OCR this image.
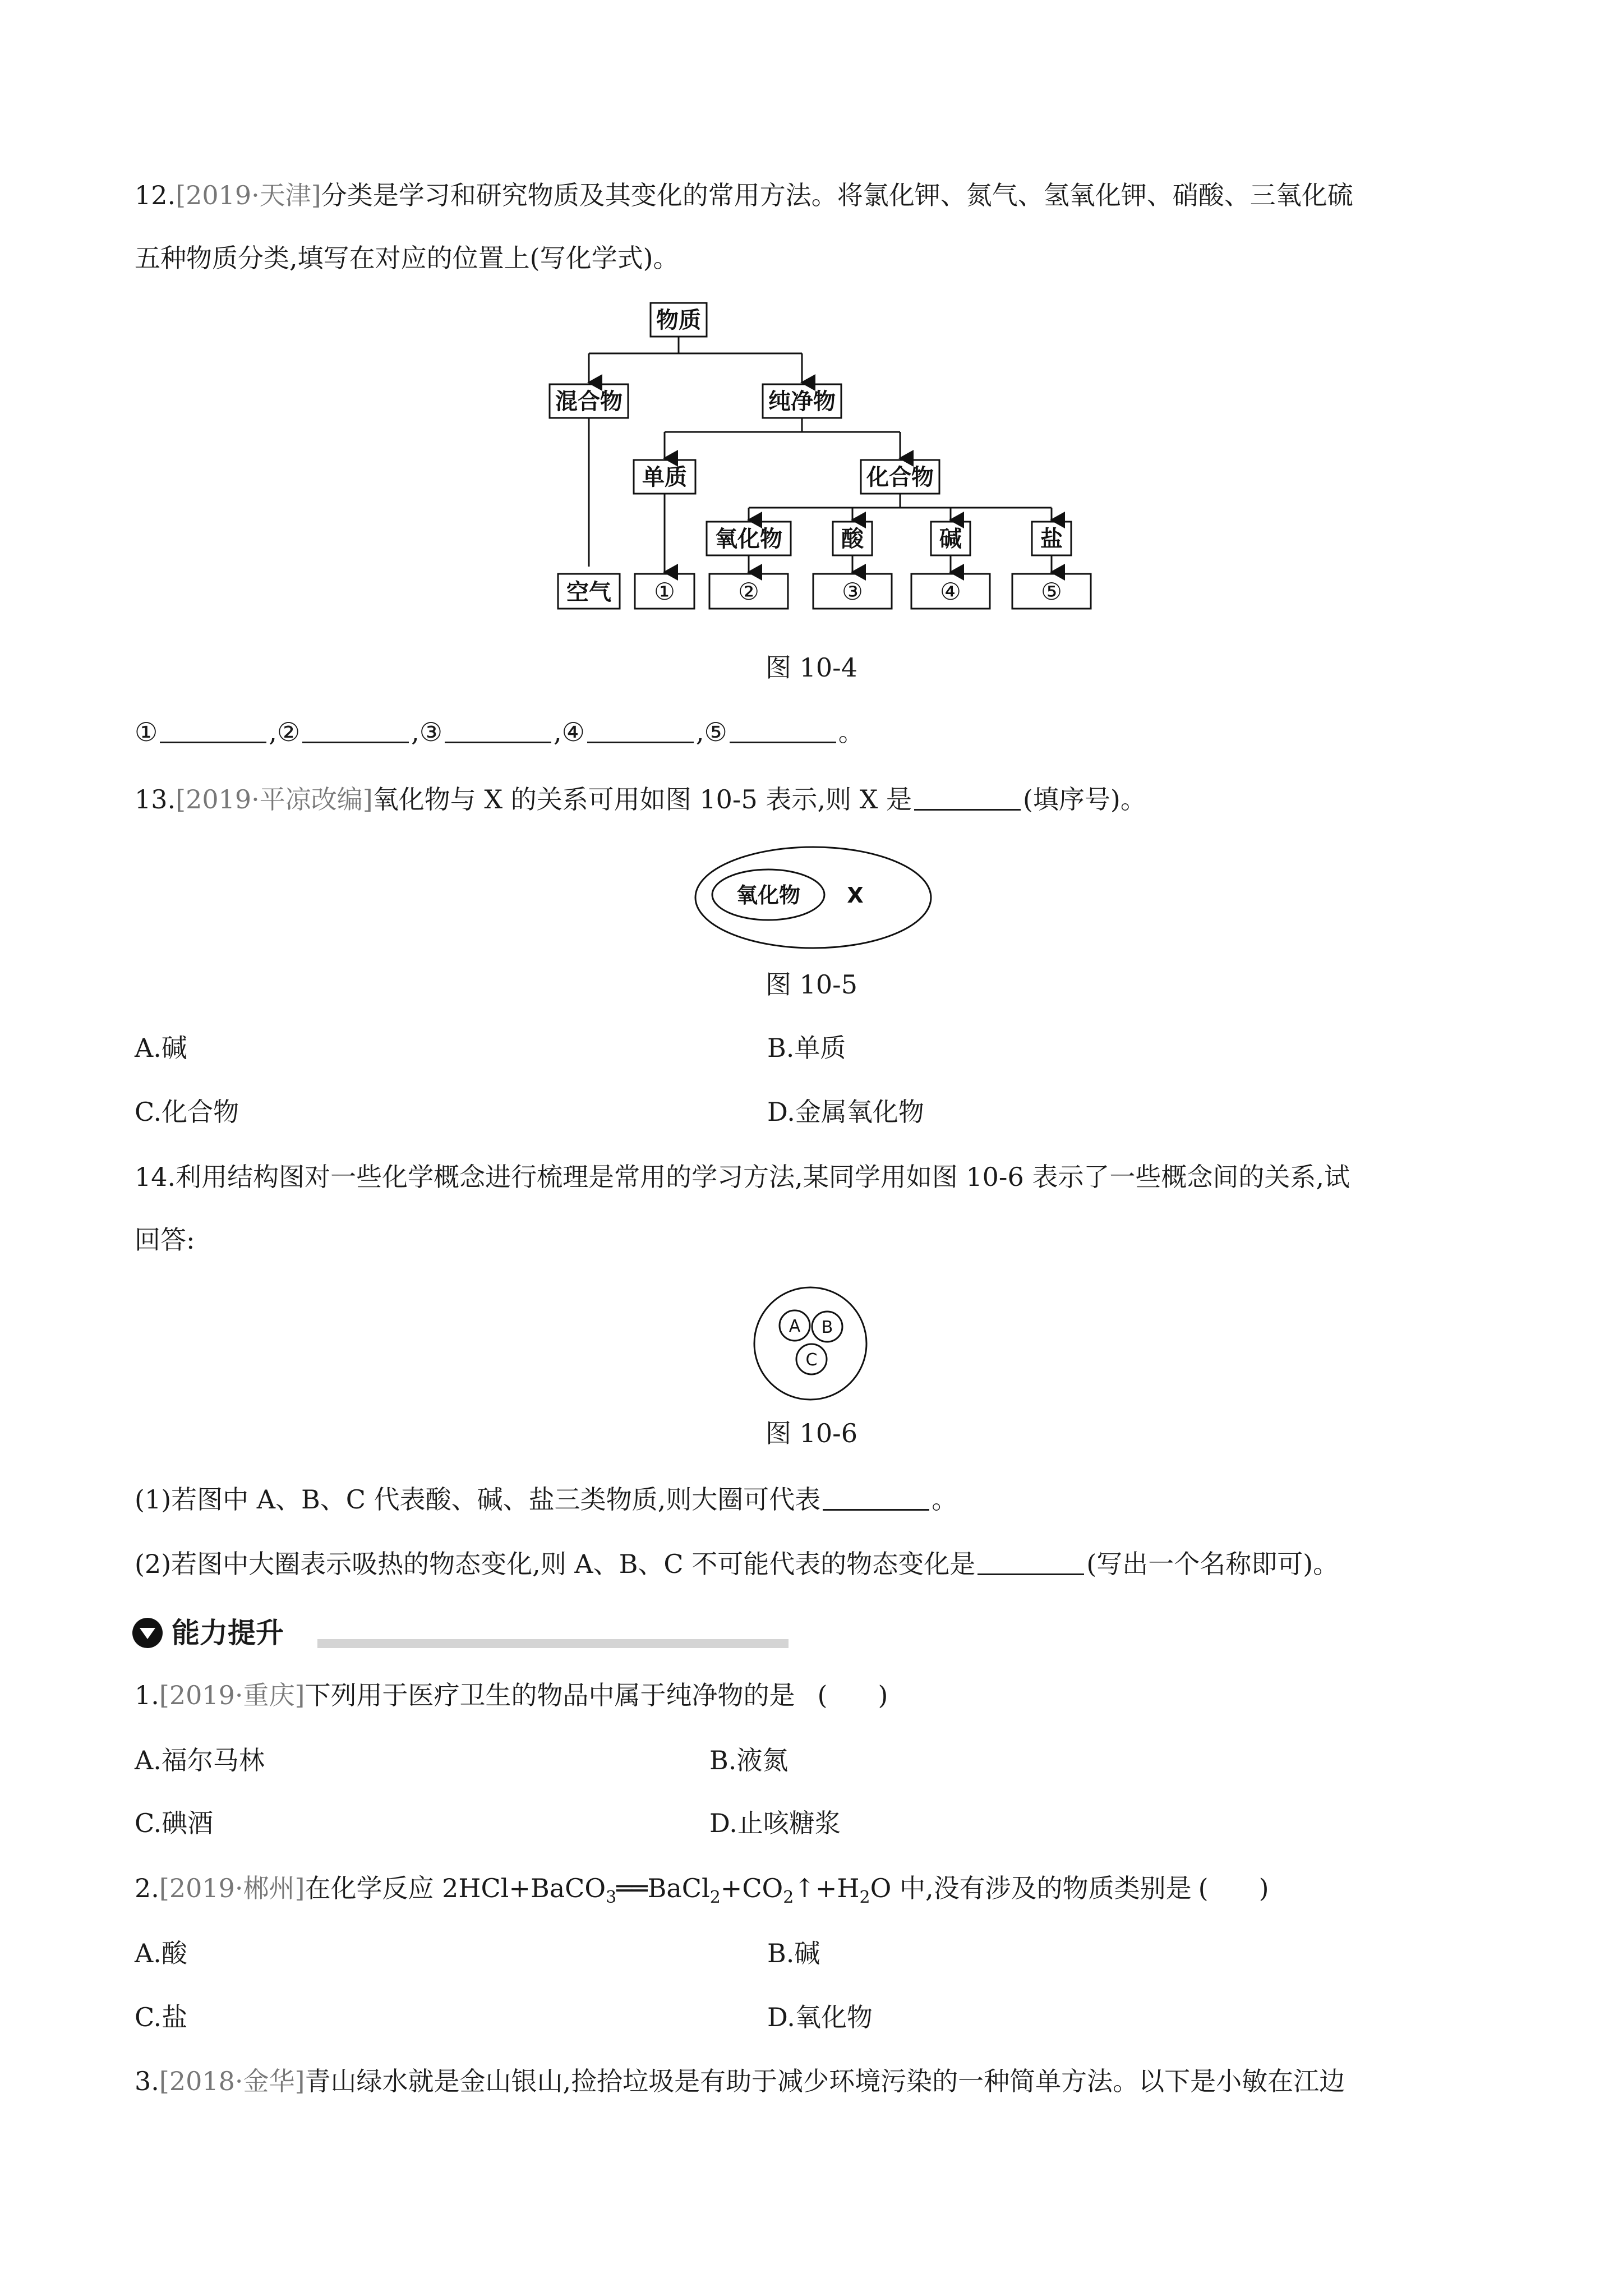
12.[2019·天津]分类是学习和研究物质及其变化的常用方法。将氯化钾、氮气、氢氧化钾、硝酸、三氧化硫
五种物质分类,填写在对应的位置上(写化学式)。
物质
混合物	纯净物
单质	化合物
氧化物	酸	碱	盐
空气 ①	②	③	④	⑤
图 10-4
①	,②	,③	,④	,⑤	。
13.[2019·平凉改编]氧化物与 X 的关系可用如图 10-5 表示,则 X 是	(填序号)。
氧化物 X
图 10-5
A.碱	B.单质
C.化合物	D.金属氧化物
14.利用结构图对一些化学概念进行梳理是常用的学习方法,某同学用如图 10-6 表示了一些概念间的关系,试
回答:
A B
C
图 10-6
(1)若图中 A、B、C 代表酸、碱、盐三类物质,则大圈可代表	。
(2)若图中大圈表示吸热的物态变化,则 A、B、C 不可能代表的物态变化是	(写出一个名称即可)。
能力提升
1.[2019·重庆]下列用于医疗卫生的物品中属于纯净物的是 ( )
A.福尔马林	B.液氮
C.碘酒	D.止咳糖浆
2.[2019·郴州]在化学反应 $2HCl+BaCO_3══BaCl_2+CO_2↑+H_2O$ 中,没有涉及的物质类别是 ( )
A.酸	B.碱
C.盐	D.氧化物
3.[2018·金华]青山绿水就是金山银山,捡拾垃圾是有助于减少环境污染的一种简单方法。以下是小敏在江边
